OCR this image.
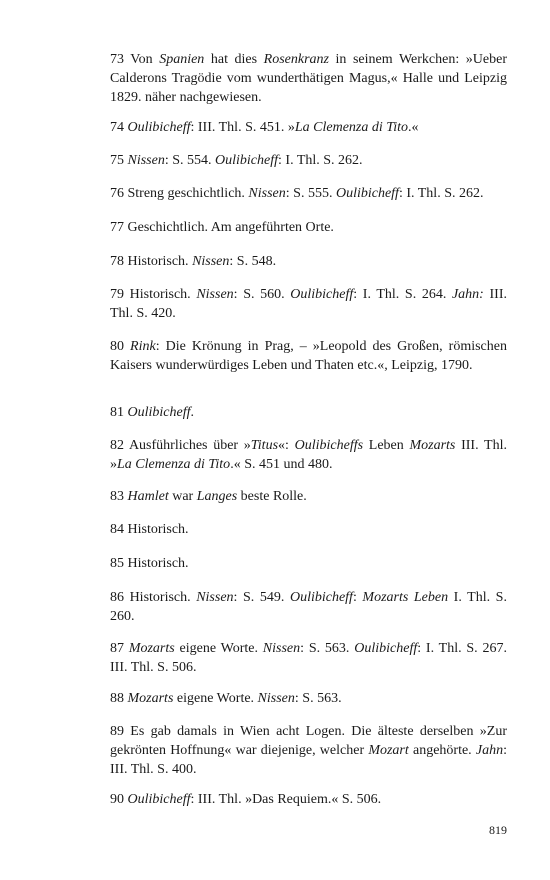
73 Von Spanien hat dies Rosenkranz in seinem Werkchen: »Ueber Calderons Tragödie vom wunderthätigen Magus,« Halle und Leipzig 1829. näher nachgewiesen.

74 Oulibicheff: III. Thl. S. 451. »La Clemenza di Tito.«

75 Nissen: S. 554. Oulibicheff: I. Thl. S. 262.

76 Streng geschichtlich. Nissen: S. 555. Oulibicheff: I. Thl. S. 262.

77 Geschichtlich. Am angeführten Orte.

78 Historisch. Nissen: S. 548.

79 Historisch. Nissen: S. 560. Oulibicheff: I. Thl. S. 264. Jahn: III. Thl. S. 420.

80 Rink: Die Krönung in Prag, – »Leopold des Großen, römischen Kaisers wunderwürdiges Leben und Thaten etc.«, Leipzig, 1790.

81 Oulibicheff.

82 Ausführliches über »Titus«: Oulibicheffs Leben Mozarts III. Thl. »La Clemenza di Tito.« S. 451 und 480.

83 Hamlet war Langes beste Rolle.

84 Historisch.

85 Historisch.

86 Historisch. Nissen: S. 549. Oulibicheff: Mozarts Leben I. Thl. S. 260.

87 Mozarts eigene Worte. Nissen: S. 563. Oulibicheff: I. Thl. S. 267. III. Thl. S. 506.

88 Mozarts eigene Worte. Nissen: S. 563.

89 Es gab damals in Wien acht Logen. Die älteste derselben »Zur gekrönten Hoffnung« war diejenige, welcher Mozart angehörte. Jahn: III. Thl. S. 400.

90 Oulibicheff: III. Thl. »Das Requiem.« S. 506.

819
